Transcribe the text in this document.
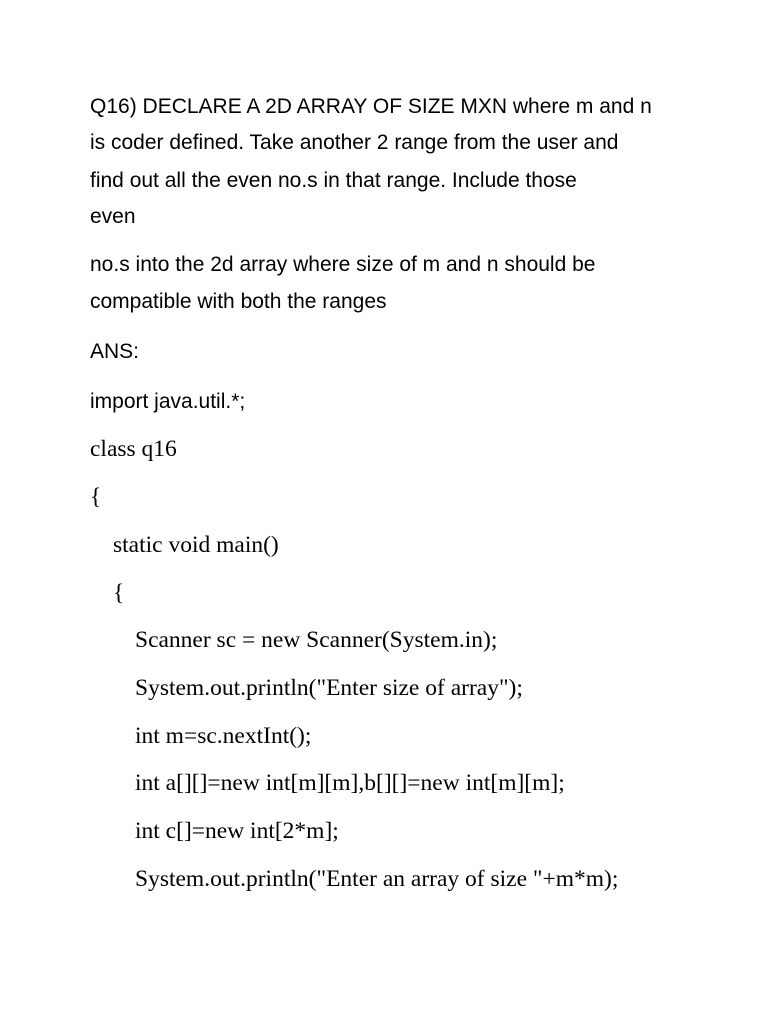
Q16) DECLARE A 2D ARRAY OF SIZE MXN where m and n
is coder defined. Take another 2 range from the user and
find out all the even no.s in that range. Include those
even
no.s into the 2d array where size of m and n should be
compatible with both the ranges
ANS:
import java.util.*;
class q16
{
static void main()
{
Scanner sc = new Scanner(System.in);
System.out.println("Enter size of array");
int m=sc.nextInt();
int a[][]=new int[m][m],b[][]=new int[m][m];
int c[]=new int[2*m];
System.out.println("Enter an array of size "+m*m);
